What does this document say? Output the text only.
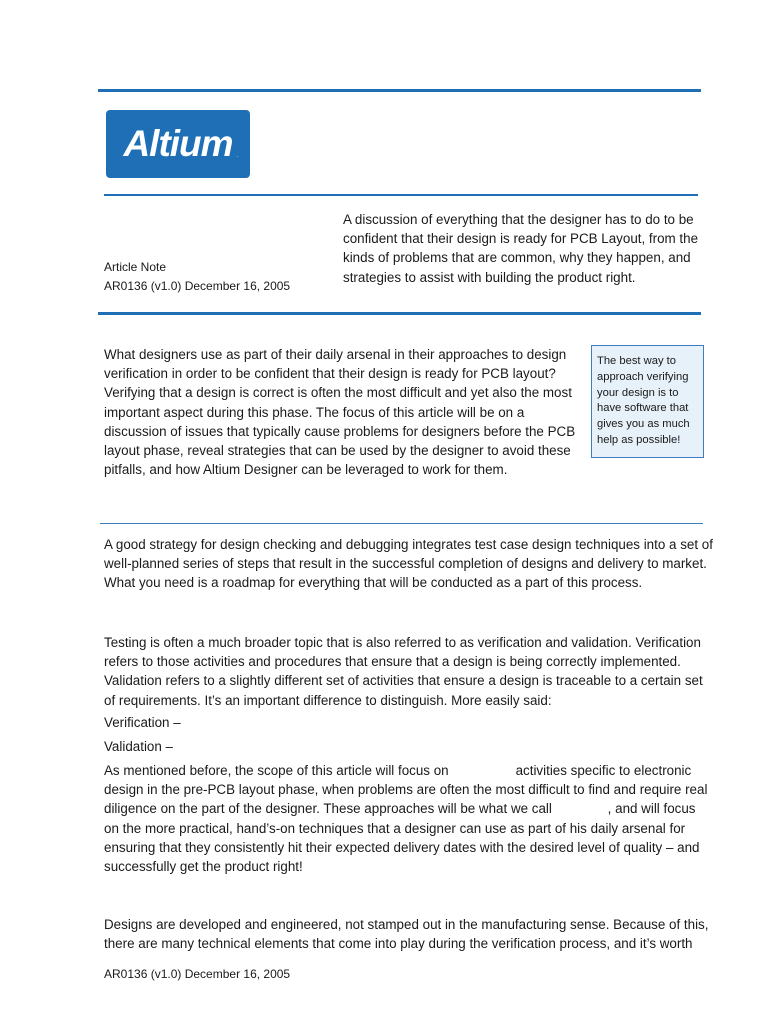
Altium .
A discussion of everything that the designer has to do to be confident that their design is ready for PCB Layout, from the kinds of problems that are common, why they happen, and strategies to assist with building the product right.
Article Note
AR0136 (v1.0) December 16, 2005
What designers use as part of their daily arsenal in their approaches to design verification in order to be confident that their design is ready for PCB layout? Verifying that a design is correct is often the most difficult and yet also the most important aspect during this phase. The focus of this article will be on a discussion of issues that typically cause problems for designers before the PCB layout phase, reveal strategies that can be used by the designer to avoid these pitfalls, and how Altium Designer can be leveraged to work for them.
The best way to approach verifying your design is to have software that gives you as much help as possible!
A good strategy for design checking and debugging integrates test case design techniques into a set of well-planned series of steps that result in the successful completion of designs and delivery to market. What you need is a roadmap for everything that will be conducted as a part of this process.
Testing is often a much broader topic that is also referred to as verification and validation. Verification refers to those activities and procedures that ensure that a design is being correctly implemented. Validation refers to a slightly different set of activities that ensure a design is traceable to a certain set of requirements. It’s an important difference to distinguish. More easily said:
Verification –
Validation –
As mentioned before, the scope of this article will focus on                  activities specific to electronic design in the pre-PCB layout phase, when problems are often the most difficult to find and require real diligence on the part of the designer. These approaches will be what we call               , and will focus on the more practical, hand’s-on techniques that a designer can use as part of his daily arsenal for ensuring that they consistently hit their expected delivery dates with the desired level of quality – and successfully get the product right!
Designs are developed and engineered, not stamped out in the manufacturing sense. Because of this, there are many technical elements that come into play during the verification process, and it’s worth
AR0136 (v1.0) December 16, 2005
